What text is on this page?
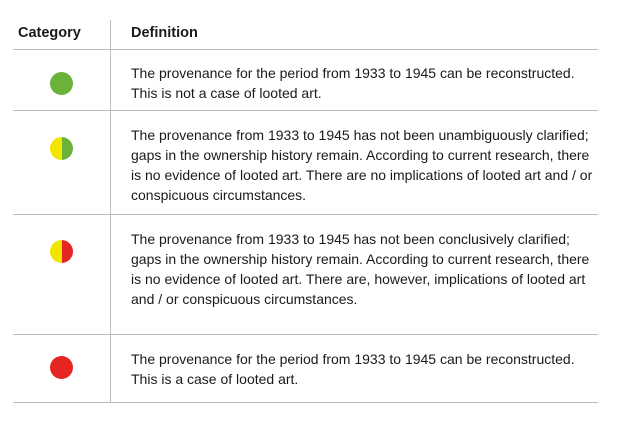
Category	Definition
The provenance for the period from 1933 to 1945 can be reconstructed. This is not a case of looted art.
The provenance from 1933 to 1945 has not been unambiguously clarified; gaps in the ownership history remain. According to current research, there is no evidence of looted art. There are no implications of looted art and / or conspicuous circumstances.
The provenance from 1933 to 1945 has not been conclusively clarified; gaps in the ownership history remain. According to current research, there is no evidence of looted art. There are, however, implications of looted art and / or conspicuous circumstances.
The provenance for the period from 1933 to 1945 can be reconstructed. This is a case of looted art.
